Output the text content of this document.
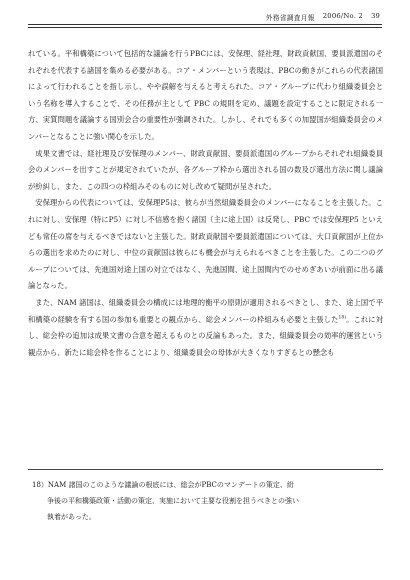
外務省調査月報 2006/No. 2 39

れている。平和構築について包括的な議論を行うPBCには、安保理、経社理、財政貢献国、要員派遣国のそれぞれを代表する諸国を集める必要がある。コア・メンバーという表現は、PBCの動きがこれらの代表諸国によって行われることを指し示し、やや誤解を与えると考えられた。コア・グループに代わり組織委員会という名称を導入することで、その任務が主として PBC の規則を定め、議題を設定することに限定される一方、実質問題を議論する国別会合の重要性が強調された。しかし、それでも多くの加盟国が組織委員会のメンバーとなることに強い関心を示した。

成果文書では、経社理及び安保理のメンバー、財政貢献国、要員派遣国のグループからそれぞれ組織委員会のメンバーを出すことが規定されていたが、各グループ枠から選出される国の数及び選出方法に関し議論が紛糾し、また、この四つの枠組みそのものに対し改めて疑問が呈された。

安保理からの代表については、安保理P5は、彼らが当然組織委員会のメンバーになることを主張した。これに対し、安保理（特にP5）に対し不信感を抱く諸国（主に途上国）は反発し、PBC では安保理P5 といえども常任の席を与えるべきではないと主張した。財政貢献国や要員派遣国については、大口貢献国が上位からの選出を求めたのに対し、中位の貢献国は彼らにも機会が与えられるべきことを主張した。この二つのグループについては、先進国対途上国の対立ではなく、先進国間、途上国間内でのせめぎあいが前面に出る議論となった。

また、NAM 諸国は、組織委員会の構成には地理的衡平の原則が適用されるべきとし、また、途上国で平和構築の経験を有する国の参加も重要との観点から、総会メンバーの枠組みも必要と主張した$^{18)}$。これに対し、総会枠の追加は成果文書の合意を超えるものとの反論もあった。また、組織委員会の効率的運営という観点から、新たに総会枠を作ることにより、組織委員会の母体が大きくなりすぎるとの懸念も

18）NAM 諸国のこのような議論の根底には、総会がPBCのマンデートの策定、紛
争後の平和構築政策・活動の策定、実施において主要な役割を担うべきとの強い
執着があった。
